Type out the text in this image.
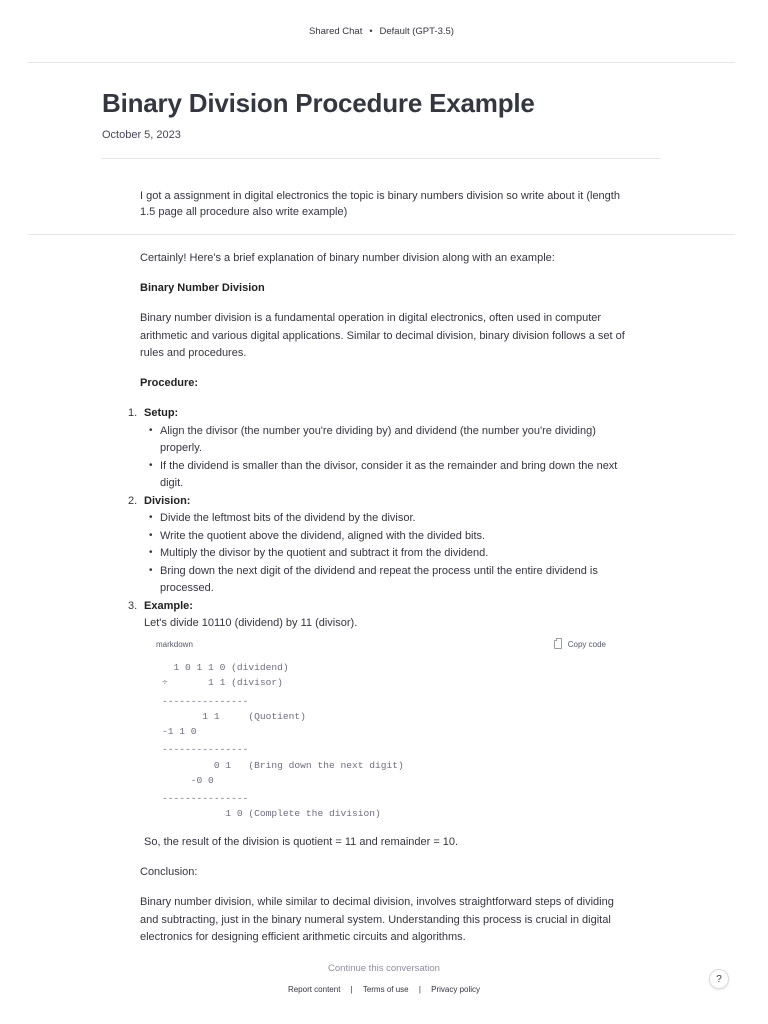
Shared Chat • Default (GPT-3.5)
Binary Division Procedure Example
October 5, 2023
I got a assignment in digital electronics the topic is binary numbers division so write about it (length 1.5 page all procedure also write example)

Certainly! Here's a brief explanation of binary number division along with an example:

Binary Number Division

Binary number division is a fundamental operation in digital electronics, often used in computer arithmetic and various digital applications. Similar to decimal division, binary division follows a set of rules and procedures.

Procedure:

1. Setup:
• Align the divisor (the number you're dividing by) and dividend (the number you're dividing) properly.
• If the dividend is smaller than the divisor, consider it as the remainder and bring down the next digit.
2. Division:
• Divide the leftmost bits of the dividend by the divisor.
• Write the quotient above the dividend, aligned with the divided bits.
• Multiply the divisor by the quotient and subtract it from the dividend.
• Bring down the next digit of the dividend and repeat the process until the entire dividend is processed.
3. Example:
Let's divide 10110 (dividend) by 11 (divisor).
markdown	Copy code
1 0 1 1 0 (dividend)
÷       1 1 (divisor)
---------------
1 1     (Quotient)
-1 1 0
---------------
0 1   (Bring down the next digit)
-0 0
---------------
1 0 (Complete the division)

So, the result of the division is quotient = 11 and remainder = 10.

Conclusion:

Binary number division, while similar to decimal division, involves straightforward steps of dividing and subtracting, just in the binary numeral system. Understanding this process is crucial in digital electronics for designing efficient arithmetic circuits and algorithms.

Continue this conversation
Report content | Terms of use | Privacy policy
?
